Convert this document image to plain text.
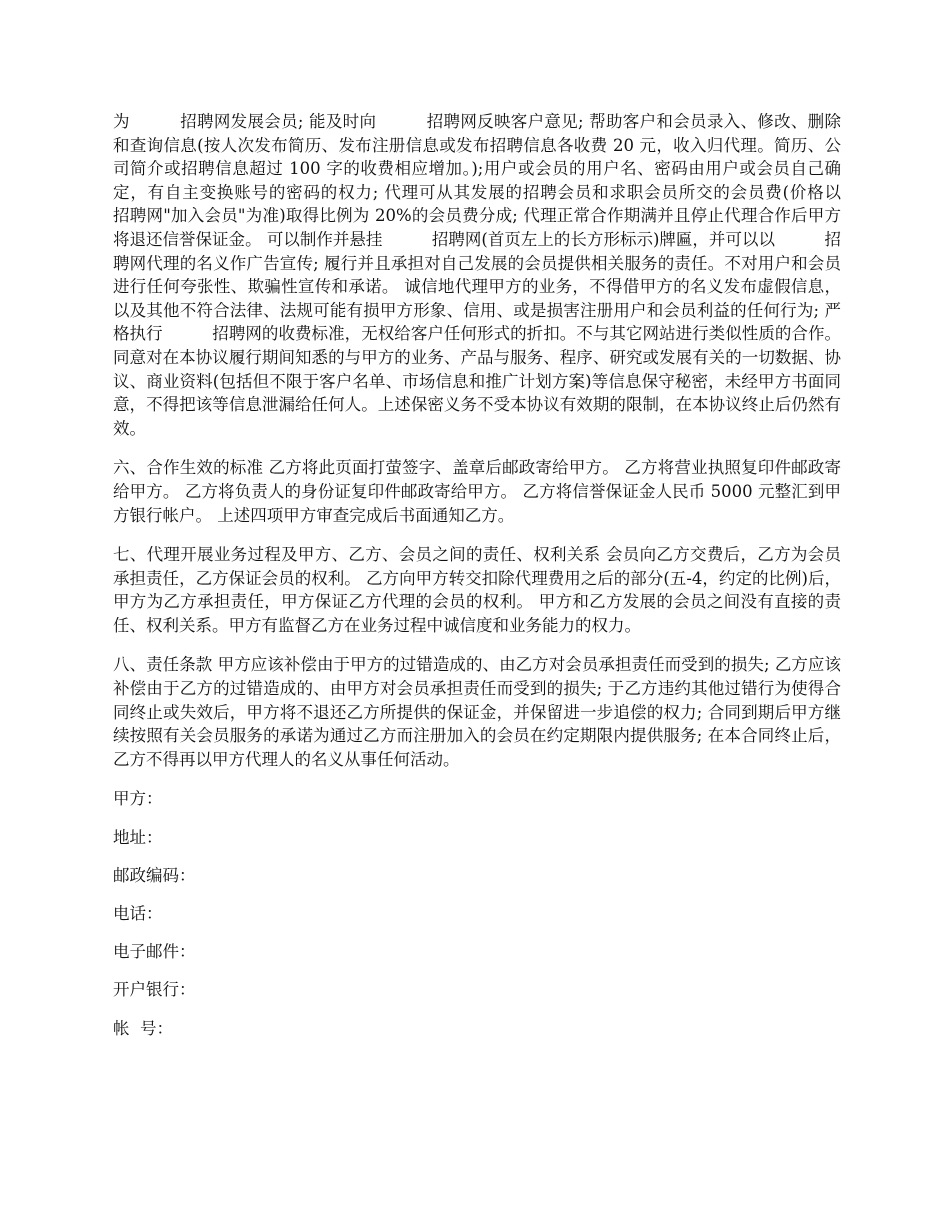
为　　　招聘网发展会员; 能及时向　　　招聘网反映客户意见; 帮助客户和会员录入、修改、删除和查询信息(按人次发布简历、发布注册信息或发布招聘信息各收费 20 元，收入归代理。简历、公司简介或招聘信息超过 100 字的收费相应增加。);用户或会员的用户名、密码由用户或会员自己确定，有自主变换账号的密码的权力; 代理可从其发展的招聘会员和求职会员所交的会员费(价格以　　　招聘网"加入会员"为准)取得比例为 20%的会员费分成; 代理正常合作期满并且停止代理合作后甲方将退还信誉保证金。 可以制作并悬挂　　　招聘网(首页左上的长方形标示)牌匾，并可以以　　　招聘网代理的名义作广告宣传; 履行并且承担对自己发展的会员提供相关服务的责任。不对用户和会员进行任何夸张性、欺骗性宣传和承诺。 诚信地代理甲方的业务，不得借甲方的名义发布虚假信息，以及其他不符合法律、法规可能有损甲方形象、信用、或是损害注册用户和会员利益的任何行为; 严格执行　　　招聘网的收费标准，无权给客户任何形式的折扣。不与其它网站进行类似性质的合作。 同意对在本协议履行期间知悉的与甲方的业务、产品与服务、程序、研究或发展有关的一切数据、协议、商业资料(包括但不限于客户名单、市场信息和推广计划方案)等信息保守秘密，未经甲方书面同意，不得把该等信息泄漏给任何人。上述保密义务不受本协议有效期的限制，在本协议终止后仍然有效。

六、合作生效的标准 乙方将此页面打萤签字、盖章后邮政寄给甲方。 乙方将营业执照复印件邮政寄给甲方。 乙方将负责人的身份证复印件邮政寄给甲方。 乙方将信誉保证金人民币 5000 元整汇到甲方银行帐户。 上述四项甲方审查完成后书面通知乙方。

七、代理开展业务过程及甲方、乙方、会员之间的责任、权利关系 会员向乙方交费后，乙方为会员承担责任，乙方保证会员的权利。 乙方向甲方转交扣除代理费用之后的部分(五-4，约定的比例)后，甲方为乙方承担责任，甲方保证乙方代理的会员的权利。 甲方和乙方发展的会员之间没有直接的责任、权利关系。甲方有监督乙方在业务过程中诚信度和业务能力的权力。

八、责任条款 甲方应该补偿由于甲方的过错造成的、由乙方对会员承担责任而受到的损失; 乙方应该补偿由于乙方的过错造成的、由甲方对会员承担责任而受到的损失; 于乙方违约其他过错行为使得合同终止或失效后，甲方将不退还乙方所提供的保证金，并保留进一步追偿的权力; 合同到期后甲方继续按照有关会员服务的承诺为通过乙方而注册加入的会员在约定期限内提供服务; 在本合同终止后，乙方不得再以甲方代理人的名义从事任何活动。

甲方：

地址：

邮政编码：

电话：

电子邮件：

开户银行：

帐  号：
